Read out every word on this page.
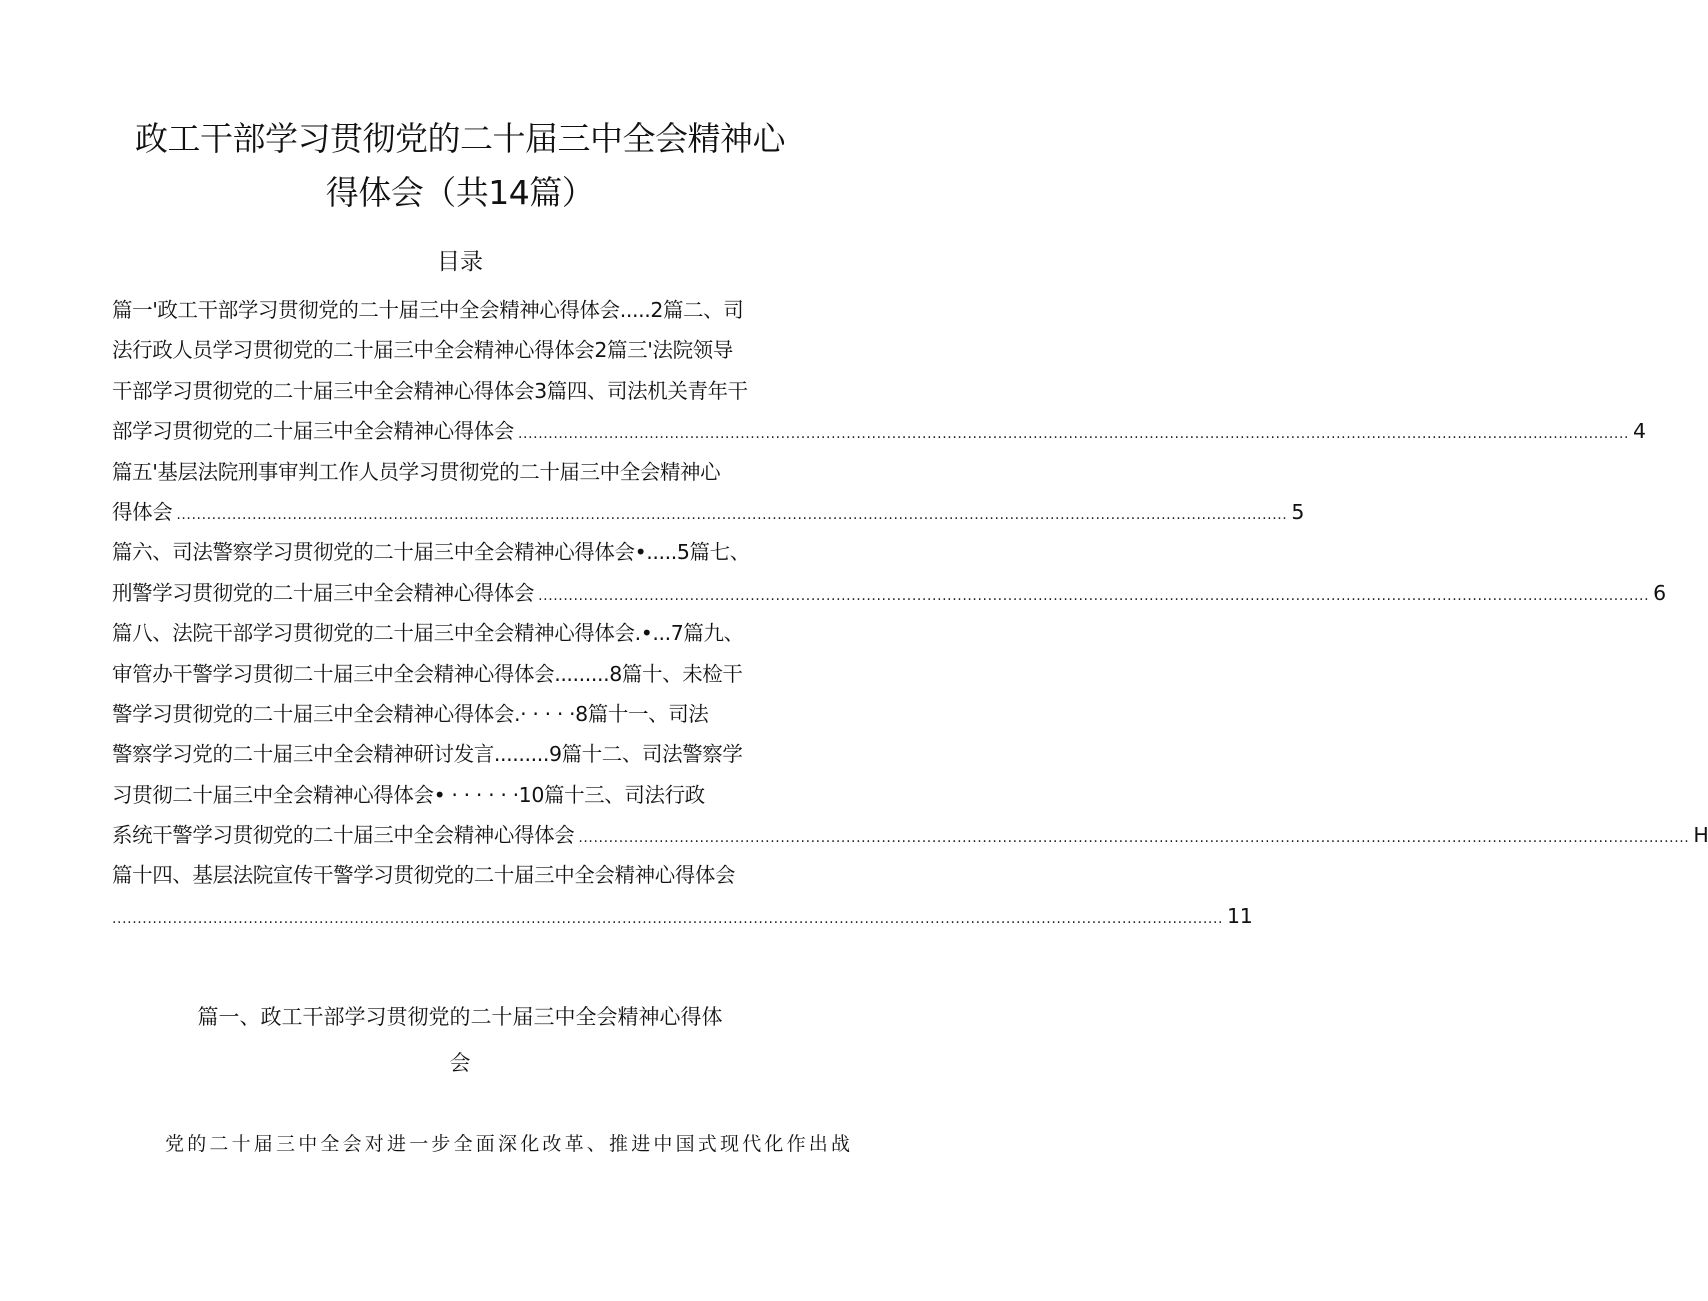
政工干部学习贯彻党的二十届三中全会精神心
得体会（共14篇）
目录
篇一'政工干部学习贯彻党的二十届三中全会精神心得体会.....2篇二、司
法行政人员学习贯彻党的二十届三中全会精神心得体会2篇三'法院领导
干部学习贯彻党的二十届三中全会精神心得体会3篇四、司法机关青年干
部学习贯彻党的二十届三中全会精神心得体会 ............................................................................................................................................................................................................................ 4
篇五'基层法院刑事审判工作人员学习贯彻党的二十届三中全会精神心
得体会 ............................................................................................................................................................................................................................ 5
篇六、司法警察学习贯彻党的二十届三中全会精神心得体会•.....5篇七、
刑警学习贯彻党的二十届三中全会精神心得体会 ............................................................................................................................................................................................................................ 6
篇八、法院干部学习贯彻党的二十届三中全会精神心得体会.•...7篇九、
审管办干警学习贯彻二十届三中全会精神心得体会.........8篇十、未检干
警学习贯彻党的二十届三中全会精神心得体会.· · · · ·8篇十一、司法
警察学习党的二十届三中全会精神研讨发言.........9篇十二、司法警察学
习贯彻二十届三中全会精神心得体会• · · · · · ·10篇十三、司法行政
系统干警学习贯彻党的二十届三中全会精神心得体会 ............................................................................................................................................................................................................................ H
篇十四、基层法院宣传干警学习贯彻党的二十届三中全会精神心得体会
............................................................................................................................................................................................................................ 11
篇一、政工干部学习贯彻党的二十届三中全会精神心得体
会
党的二十届三中全会对进一步全面深化改革、推进中国式现代化作出战
